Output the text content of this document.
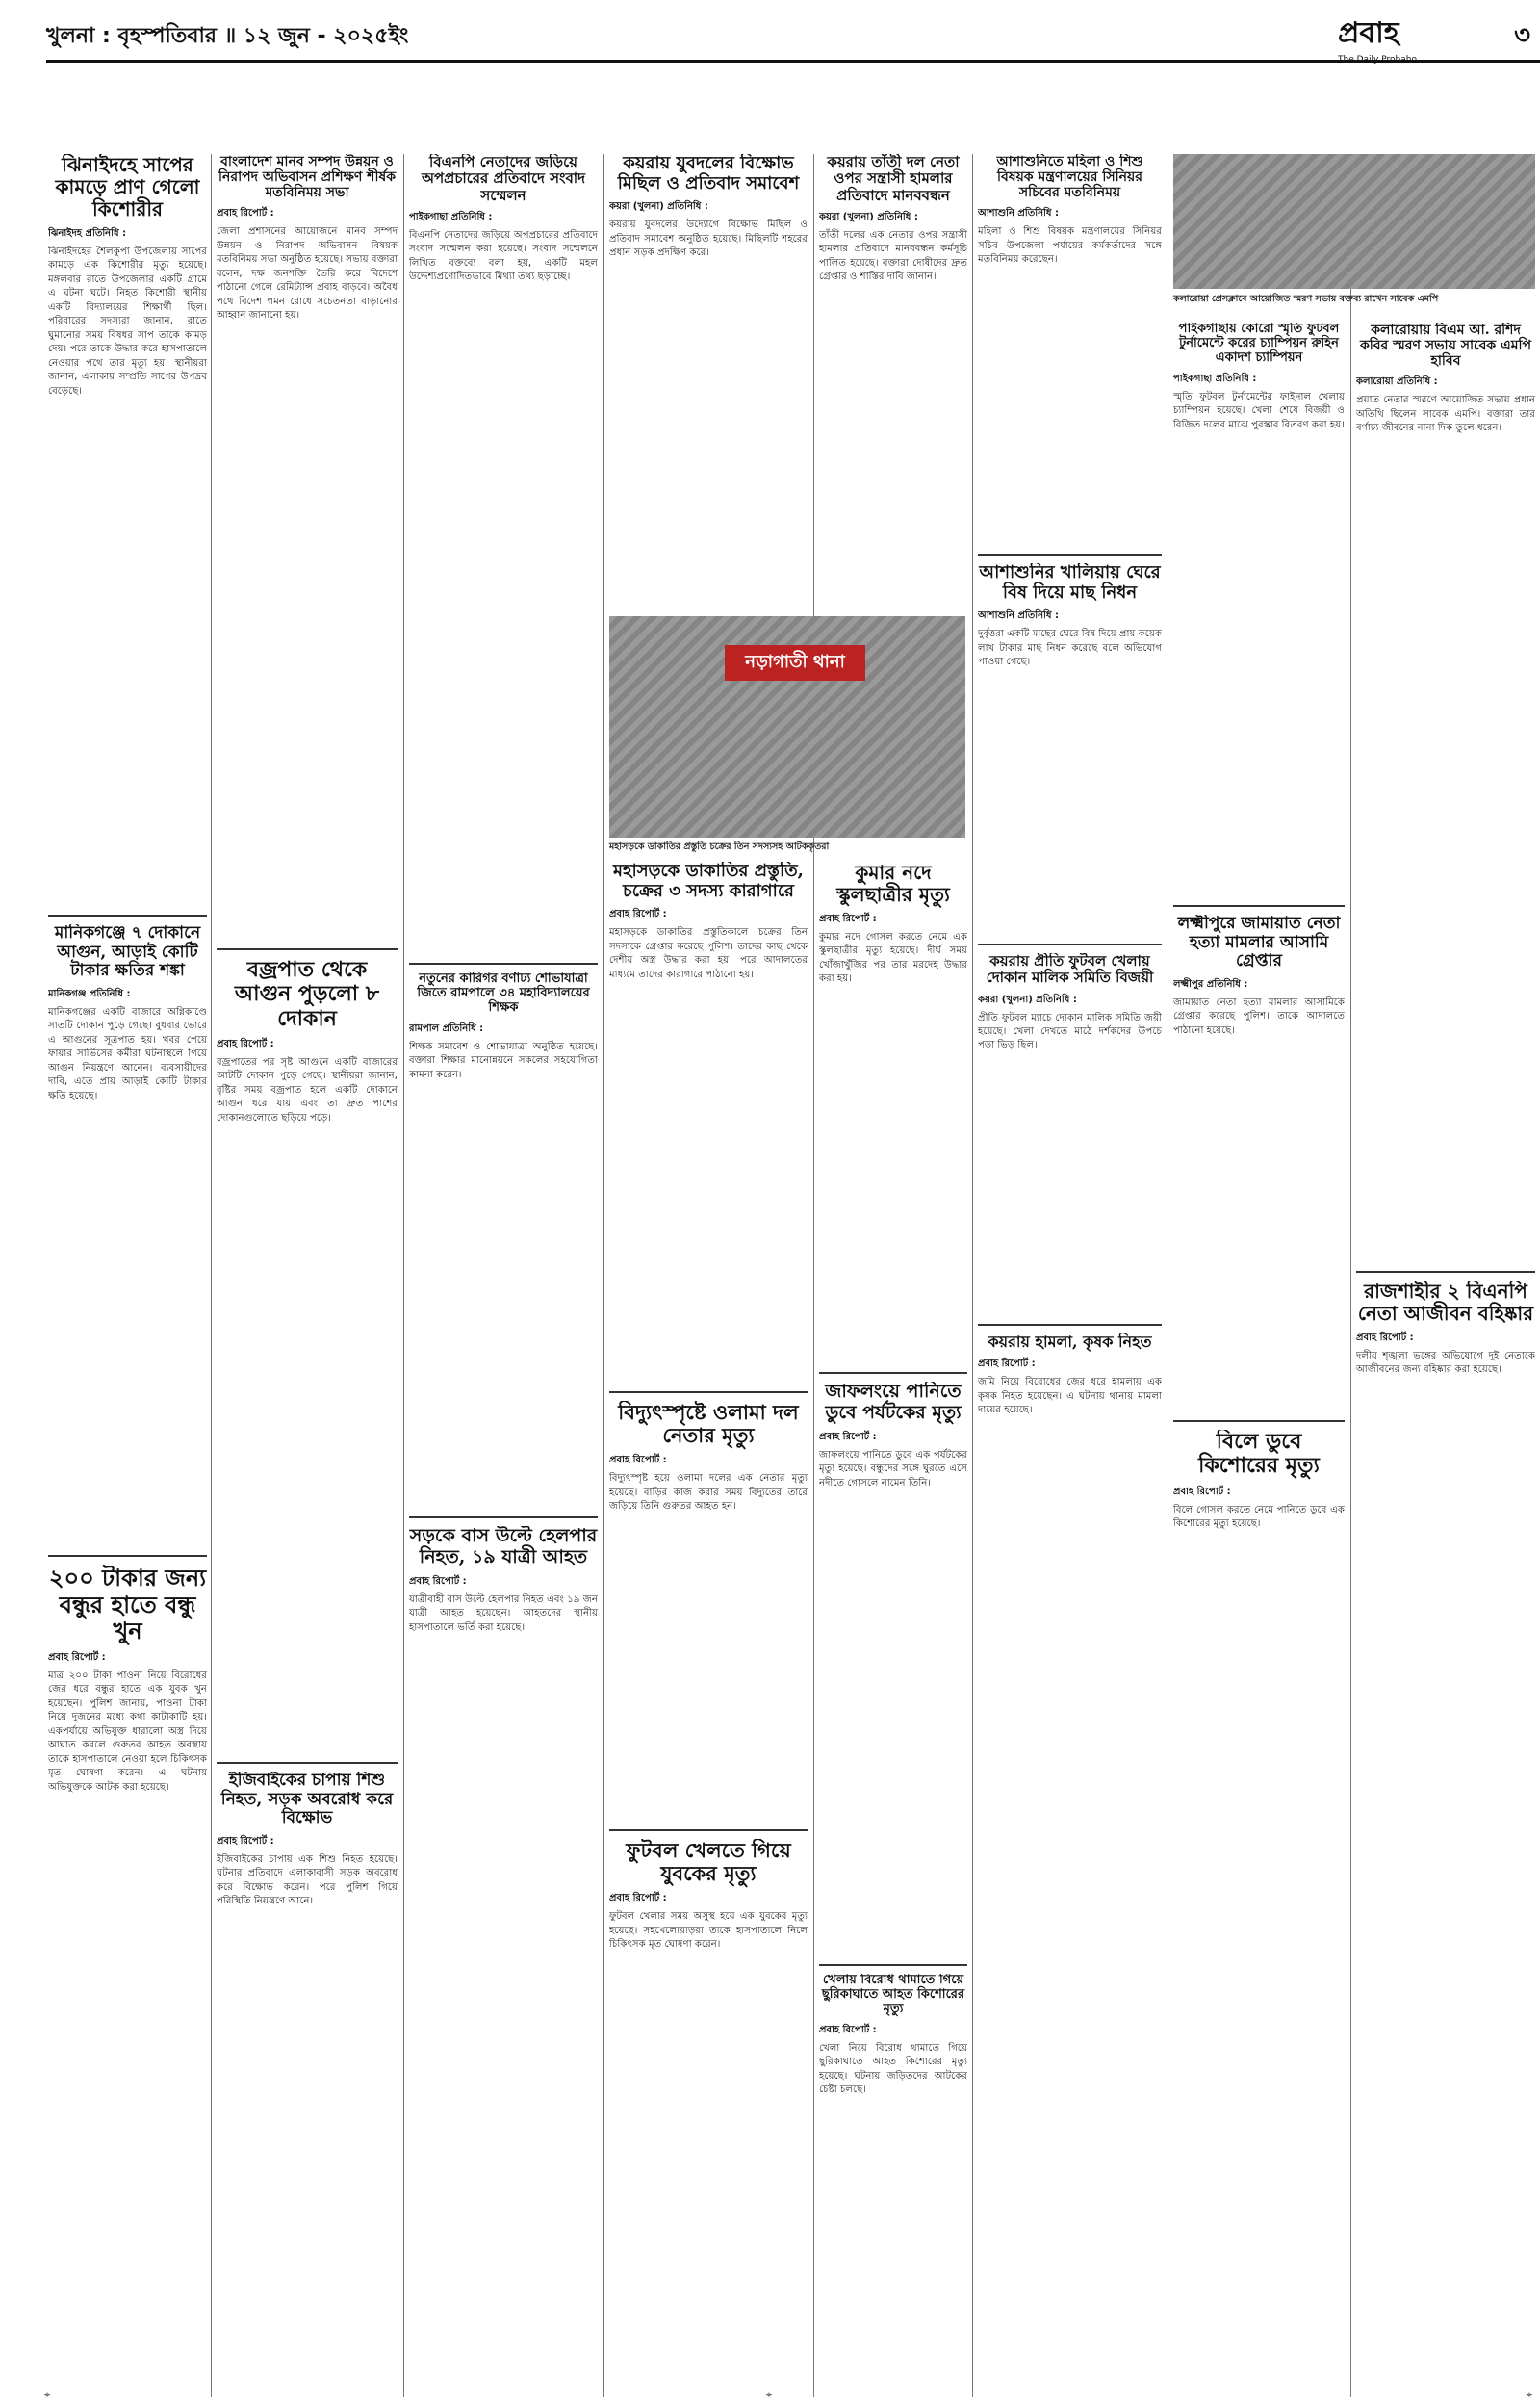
খুলনা : বৃহস্পতিবার ॥ ১২ জুন - ২০২৫ইং	প্রবাহ
The Daily Probaho
৩
ঝিনাইদহে সাপের কামড়ে প্রাণ গেলো কিশোরীর

ঝিনাইদহ প্রতিনিধি :

ঝিনাইদহের শৈলকুপা উপজেলায় সাপের কামড়ে এক কিশোরীর মৃত্যু হয়েছে। মঙ্গলবার রাতে উপজেলার একটি গ্রামে এ ঘটনা ঘটে। নিহত কিশোরী স্থানীয় একটি বিদ্যালয়ের শিক্ষার্থী ছিল। পরিবারের সদস্যরা জানান, রাতে ঘুমানোর সময় বিষধর সাপ তাকে কামড় দেয়। পরে তাকে উদ্ধার করে হাসপাতালে নেওয়ার পথে তার মৃত্যু হয়। স্থানীয়রা জানান, এলাকায় সম্প্রতি সাপের উপদ্রব বেড়েছে।

মানিকগঞ্জে ৭ দোকানে আগুন, আড়াই কোটি টাকার ক্ষতির শঙ্কা

মানিকগঞ্জ প্রতিনিধি :

মানিকগঞ্জের একটি বাজারে অগ্নিকাণ্ডে সাতটি দোকান পুড়ে গেছে। বুধবার ভোরে এ আগুনের সূত্রপাত হয়। খবর পেয়ে ফায়ার সার্ভিসের কর্মীরা ঘটনাস্থলে গিয়ে আগুন নিয়ন্ত্রণে আনেন। ব্যবসায়ীদের দাবি, এতে প্রায় আড়াই কোটি টাকার ক্ষতি হয়েছে।

২০০ টাকার জন্য বন্ধুর হাতে বন্ধু খুন

প্রবাহ রিপোর্ট :

মাত্র ২০০ টাকা পাওনা নিয়ে বিরোধের জের ধরে বন্ধুর হাতে এক যুবক খুন হয়েছেন। পুলিশ জানায়, পাওনা টাকা নিয়ে দুজনের মধ্যে কথা কাটাকাটি হয়। একপর্যায়ে অভিযুক্ত ধারালো অস্ত্র দিয়ে আঘাত করলে গুরুতর আহত অবস্থায় তাকে হাসপাতালে নেওয়া হলে চিকিৎসক মৃত ঘোষণা করেন। এ ঘটনায় অভিযুক্তকে আটক করা হয়েছে।

বাংলাদেশ মানব সম্পদ উন্নয়ন ও নিরাপদ অভিবাসন প্রশিক্ষণ শীর্ষক মতবিনিময় সভা

প্রবাহ রিপোর্ট :

জেলা প্রশাসনের আয়োজনে মানব সম্পদ উন্নয়ন ও নিরাপদ অভিবাসন বিষয়ক মতবিনিময় সভা অনুষ্ঠিত হয়েছে। সভায় বক্তারা বলেন, দক্ষ জনশক্তি তৈরি করে বিদেশে পাঠানো গেলে রেমিট্যান্স প্রবাহ বাড়বে। অবৈধ পথে বিদেশ গমন রোধে সচেতনতা বাড়ানোর আহ্বান জানানো হয়।

বজ্রপাত থেকে আগুন পুড়লো ৮ দোকান

প্রবাহ রিপোর্ট :

বজ্রপাতের পর সৃষ্ট আগুনে একটি বাজারের আটটি দোকান পুড়ে গেছে। স্থানীয়রা জানান, বৃষ্টির সময় বজ্রপাত হলে একটি দোকানে আগুন ধরে যায় এবং তা দ্রুত পাশের দোকানগুলোতে ছড়িয়ে পড়ে।

ইজিবাইকের চাপায় শিশু নিহত, সড়ক অবরোধ করে বিক্ষোভ

প্রবাহ রিপোর্ট :

ইজিবাইকের চাপায় এক শিশু নিহত হয়েছে। ঘটনার প্রতিবাদে এলাকাবাসী সড়ক অবরোধ করে বিক্ষোভ করেন। পরে পুলিশ গিয়ে পরিস্থিতি নিয়ন্ত্রণে আনে।

বিএনপি নেতাদের জড়িয়ে অপপ্রচারের প্রতিবাদে সংবাদ সম্মেলন

পাইকগাছা প্রতিনিধি :

বিএনপি নেতাদের জড়িয়ে অপপ্রচারের প্রতিবাদে সংবাদ সম্মেলন করা হয়েছে। সংবাদ সম্মেলনে লিখিত বক্তব্যে বলা হয়, একটি মহল উদ্দেশ্যপ্রণোদিতভাবে মিথ্যা তথ্য ছড়াচ্ছে।

নতুনের কারিগর বর্ণাঢ্য শোভাযাত্রা জিতে রামপালে ৩৪ মহাবিদ্যালয়ের শিক্ষক

রামপাল প্রতিনিধি :

শিক্ষক সমাবেশ ও শোভাযাত্রা অনুষ্ঠিত হয়েছে। বক্তারা শিক্ষার মানোন্নয়নে সকলের সহযোগিতা কামনা করেন।

সড়কে বাস উল্টে হেলপার নিহত, ১৯ যাত্রী আহত

প্রবাহ রিপোর্ট :

যাত্রীবাহী বাস উল্টে হেলপার নিহত এবং ১৯ জন যাত্রী আহত হয়েছেন। আহতদের স্থানীয় হাসপাতালে ভর্তি করা হয়েছে।

কয়রায় যুবদলের বিক্ষোভ মিছিল ও প্রতিবাদ সমাবেশ

কয়রা (খুলনা) প্রতিনিধি :

কয়রায় যুবদলের উদ্যোগে বিক্ষোভ মিছিল ও প্রতিবাদ সমাবেশ অনুষ্ঠিত হয়েছে। মিছিলটি শহরের প্রধান সড়ক প্রদক্ষিণ করে।

নড়াগাতী থানা
মহাসড়কে ডাকাতির প্রস্তুতি চক্রের তিন সদস্যসহ আটককৃতরা
মহাসড়কে ডাকাতির প্রস্তুতি, চক্রের ৩ সদস্য কারাগারে

প্রবাহ রিপোর্ট :

মহাসড়কে ডাকাতির প্রস্তুতিকালে চক্রের তিন সদস্যকে গ্রেপ্তার করেছে পুলিশ। তাদের কাছ থেকে দেশীয় অস্ত্র উদ্ধার করা হয়। পরে আদালতের মাধ্যমে তাদের কারাগারে পাঠানো হয়।

বিদ্যুৎস্পৃষ্টে ওলামা দল নেতার মৃত্যু

প্রবাহ রিপোর্ট :

বিদ্যুৎস্পৃষ্ট হয়ে ওলামা দলের এক নেতার মৃত্যু হয়েছে। বাড়ির কাজ করার সময় বিদ্যুতের তারে জড়িয়ে তিনি গুরুতর আহত হন।

ফুটবল খেলতে গিয়ে যুবকের মৃত্যু

প্রবাহ রিপোর্ট :

ফুটবল খেলার সময় অসুস্থ হয়ে এক যুবকের মৃত্যু হয়েছে। সহখেলোয়াড়রা তাকে হাসপাতালে নিলে চিকিৎসক মৃত ঘোষণা করেন।

কয়রায় তাঁতী দল নেতা ওপর সন্ত্রাসী হামলার প্রতিবাদে মানববন্ধন

কয়রা (খুলনা) প্রতিনিধি :

তাঁতী দলের এক নেতার ওপর সন্ত্রাসী হামলার প্রতিবাদে মানববন্ধন কর্মসূচি পালিত হয়েছে। বক্তারা দোষীদের দ্রুত গ্রেপ্তার ও শাস্তির দাবি জানান।

কুমার নদে স্কুলছাত্রীর মৃত্যু

প্রবাহ রিপোর্ট :

কুমার নদে গোসল করতে নেমে এক স্কুলছাত্রীর মৃত্যু হয়েছে। দীর্ঘ সময় খোঁজাখুঁজির পর তার মরদেহ উদ্ধার করা হয়।

জাফলংয়ে পানিতে ডুবে পর্যটকের মৃত্যু

প্রবাহ রিপোর্ট :

জাফলংয়ে পানিতে ডুবে এক পর্যটকের মৃত্যু হয়েছে। বন্ধুদের সঙ্গে ঘুরতে এসে নদীতে গোসলে নামেন তিনি।

খেলায় বিরোধ থামাতে গিয়ে ছুরিকাঘাতে আহত কিশোরের মৃত্যু

প্রবাহ রিপোর্ট :

খেলা নিয়ে বিরোধ থামাতে গিয়ে ছুরিকাঘাতে আহত কিশোরের মৃত্যু হয়েছে। ঘটনায় জড়িতদের আটকের চেষ্টা চলছে।

আশাশুনিতে মহিলা ও শিশু বিষয়ক মন্ত্রণালয়ের সিনিয়র সচিবের মতবিনিময়

আশাশুনি প্রতিনিধি :

মহিলা ও শিশু বিষয়ক মন্ত্রণালয়ের সিনিয়র সচিব উপজেলা পর্যায়ের কর্মকর্তাদের সঙ্গে মতবিনিময় করেছেন।

আশাশুনির খালিয়ায় ঘেরে বিষ দিয়ে মাছ নিধন

আশাশুনি প্রতিনিধি :

দুর্বৃত্তরা একটি মাছের ঘেরে বিষ দিয়ে প্রায় কয়েক লাখ টাকার মাছ নিধন করেছে বলে অভিযোগ পাওয়া গেছে।

কয়রায় প্রীতি ফুটবল খেলায় দোকান মালিক সমিতি বিজয়ী

কয়রা (খুলনা) প্রতিনিধি :

প্রীতি ফুটবল ম্যাচে দোকান মালিক সমিতি জয়ী হয়েছে। খেলা দেখতে মাঠে দর্শকদের উপচে পড়া ভিড় ছিল।

কয়রায় হামলা, কৃষক নিহত

প্রবাহ রিপোর্ট :

জমি নিয়ে বিরোধের জের ধরে হামলায় এক কৃষক নিহত হয়েছেন। এ ঘটনায় থানায় মামলা দায়ের হয়েছে।

কলারোয়া প্রেসক্লাবে আয়োজিত স্মরণ সভায় বক্তব্য রাখেন সাবেক এমপি
পাইকগাছায় কোরো স্মৃতি ফুটবল টুর্নামেন্টে করের চ্যাম্পিয়ন রুহিন একাদশ চ্যাম্পিয়ন

পাইকগাছা প্রতিনিধি :

স্মৃতি ফুটবল টুর্নামেন্টের ফাইনাল খেলায় চ্যাম্পিয়ন হয়েছে। খেলা শেষে বিজয়ী ও বিজিত দলের মাঝে পুরস্কার বিতরণ করা হয়।

লক্ষ্মীপুরে জামায়াত নেতা হত্যা মামলার আসামি গ্রেপ্তার

লক্ষ্মীপুর প্রতিনিধি :

জামায়াত নেতা হত্যা মামলার আসামিকে গ্রেপ্তার করেছে পুলিশ। তাকে আদালতে পাঠানো হয়েছে।

বিলে ডুবে কিশোরের মৃত্যু

প্রবাহ রিপোর্ট :

বিলে গোসল করতে নেমে পানিতে ডুবে এক কিশোরের মৃত্যু হয়েছে।

কলারোয়ায় বিএম আ. রশিদ কবির স্মরণ সভায় সাবেক এমপি হাবিব

কলারোয়া প্রতিনিধি :

প্রয়াত নেতার স্মরণে আয়োজিত সভায় প্রধান অতিথি ছিলেন সাবেক এমপি। বক্তারা তার বর্ণাঢ্য জীবনের নানা দিক তুলে ধরেন।

রাজশাহীর ২ বিএনপি নেতা আজীবন বহিষ্কার

প্রবাহ রিপোর্ট :

দলীয় শৃঙ্খলা ভঙ্গের অভিযোগে দুই নেতাকে আজীবনের জন্য বহিষ্কার করা হয়েছে।

⌖	⌖	⌖
